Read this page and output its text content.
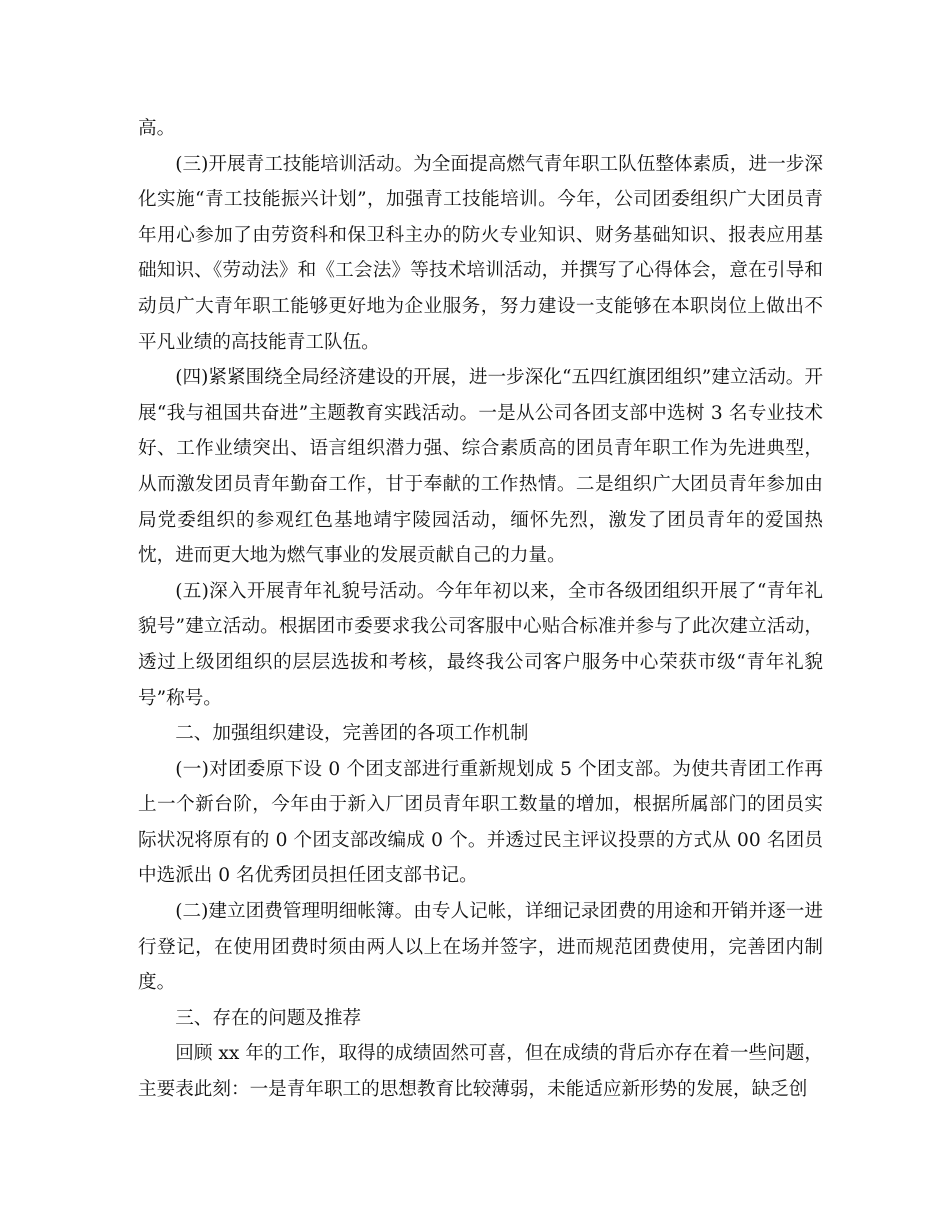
高。

(三)开展青工技能培训活动。为全面提高燃气青年职工队伍整体素质，进一步深化实施“青工技能振兴计划”，加强青工技能培训。今年，公司团委组织广大团员青年用心参加了由劳资科和保卫科主办的防火专业知识、财务基础知识、报表应用基础知识、《劳动法》和《工会法》等技术培训活动，并撰写了心得体会，意在引导和动员广大青年职工能够更好地为企业服务，努力建设一支能够在本职岗位上做出不平凡业绩的高技能青工队伍。

(四)紧紧围绕全局经济建设的开展，进一步深化“五四红旗团组织”建立活动。开展“我与祖国共奋进”主题教育实践活动。一是从公司各团支部中选树 3 名专业技术好、工作业绩突出、语言组织潜力强、综合素质高的团员青年职工作为先进典型，从而激发团员青年勤奋工作，甘于奉献的工作热情。二是组织广大团员青年参加由局党委组织的参观红色基地靖宇陵园活动，缅怀先烈，激发了团员青年的爱国热忱，进而更大地为燃气事业的发展贡献自己的力量。

(五)深入开展青年礼貌号活动。今年年初以来，全市各级团组织开展了“青年礼貌号”建立活动。根据团市委要求我公司客服中心贴合标准并参与了此次建立活动，透过上级团组织的层层选拔和考核，最终我公司客户服务中心荣获市级“青年礼貌号”称号。

二、加强组织建设，完善团的各项工作机制

(一)对团委原下设 0 个团支部进行重新规划成 5 个团支部。为使共青团工作再上一个新台阶，今年由于新入厂团员青年职工数量的增加，根据所属部门的团员实际状况将原有的 0 个团支部改编成 0 个。并透过民主评议投票的方式从 00 名团员中选派出 0 名优秀团员担任团支部书记。

(二)建立团费管理明细帐簿。由专人记帐，详细记录团费的用途和开销并逐一进行登记，在使用团费时须由两人以上在场并签字，进而规范团费使用，完善团内制度。

三、存在的问题及推荐

回顾 xx 年的工作，取得的成绩固然可喜，但在成绩的背后亦存在着一些问题，主要表此刻：一是青年职工的思想教育比较薄弱，未能适应新形势的发展，缺乏创
